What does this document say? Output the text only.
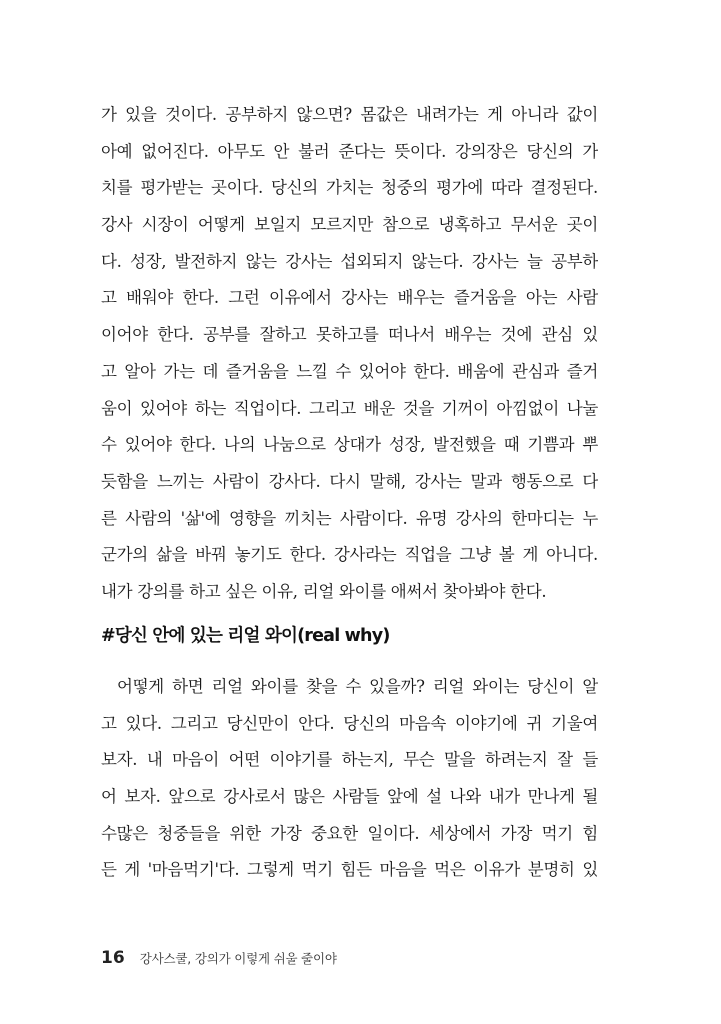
가 있을 것이다. 공부하지 않으면? 몸값은 내려가는 게 아니라 값이
아예 없어진다. 아무도 안 불러 준다는 뜻이다. 강의장은 당신의 가
치를 평가받는 곳이다. 당신의 가치는 청중의 평가에 따라 결정된다.
강사 시장이 어떻게 보일지 모르지만 참으로 냉혹하고 무서운 곳이
다. 성장, 발전하지 않는 강사는 섭외되지 않는다. 강사는 늘 공부하
고 배워야 한다. 그런 이유에서 강사는 배우는 즐거움을 아는 사람
이어야 한다. 공부를 잘하고 못하고를 떠나서 배우는 것에 관심 있
고 알아 가는 데 즐거움을 느낄 수 있어야 한다. 배움에 관심과 즐거
움이 있어야 하는 직업이다. 그리고 배운 것을 기꺼이 아낌없이 나눌
수 있어야 한다. 나의 나눔으로 상대가 성장, 발전했을 때 기쁨과 뿌
듯함을 느끼는 사람이 강사다. 다시 말해, 강사는 말과 행동으로 다
른 사람의 '삶'에 영향을 끼치는 사람이다. 유명 강사의 한마디는 누
군가의 삶을 바꿔 놓기도 한다. 강사라는 직업을 그냥 볼 게 아니다.
내가 강의를 하고 싶은 이유, 리얼 와이를 애써서 찾아봐야 한다.
#당신 안에 있는 리얼 와이(real why)
어떻게 하면 리얼 와이를 찾을 수 있을까? 리얼 와이는 당신이 알
고 있다. 그리고 당신만이 안다. 당신의 마음속 이야기에 귀 기울여
보자. 내 마음이 어떤 이야기를 하는지, 무슨 말을 하려는지 잘 들
어 보자. 앞으로 강사로서 많은 사람들 앞에 설 나와 내가 만나게 될
수많은 청중들을 위한 가장 중요한 일이다. 세상에서 가장 먹기 힘
든 게 '마음먹기'다. 그렇게 먹기 힘든 마음을 먹은 이유가 분명히 있
16 강사스쿨, 강의가 이렇게 쉬울 줄이야
